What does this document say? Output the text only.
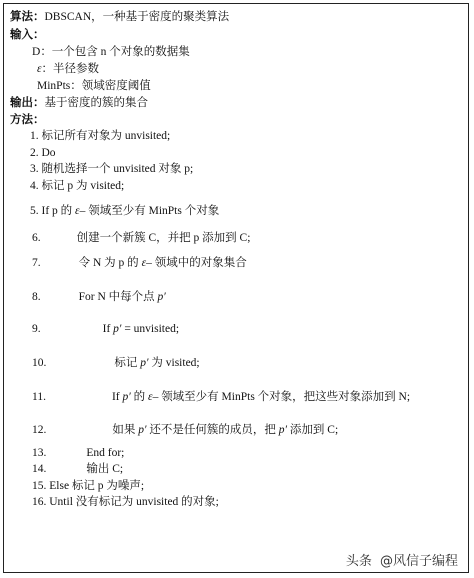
算法：DBSCAN，一种基于密度的聚类算法
输入：
D：一个包含 n 个对象的数据集
ε：半径参数
MinPts：领域密度阈值
输出：基于密度的簇的集合
方法：
1. 标记所有对象为 unvisited;
2. Do
3. 随机选择一个 unvisited 对象 p;
4. 标记 p 为 visited;
5. If p 的 ε– 领域至少有 MinPts 个对象
6.	创建一个新簇 C，并把 p 添加到 C;
7.	令 N 为 p 的 ε– 领域中的对象集合
8.	For N 中每个点 p′
9.	If p′ = unvisited;
10.	标记 p′ 为 visited;
11.	If p′ 的 ε– 领域至少有 MinPts 个对象，把这些对象添加到 N;
12.	如果 p′ 还不是任何簇的成员，把 p′ 添加到 C;
13.	End for;
14.	输出 C;
15. Else 标记 p 为噪声;
16. Until 没有标记为 unvisited 的对象;
头条 @风信子编程
